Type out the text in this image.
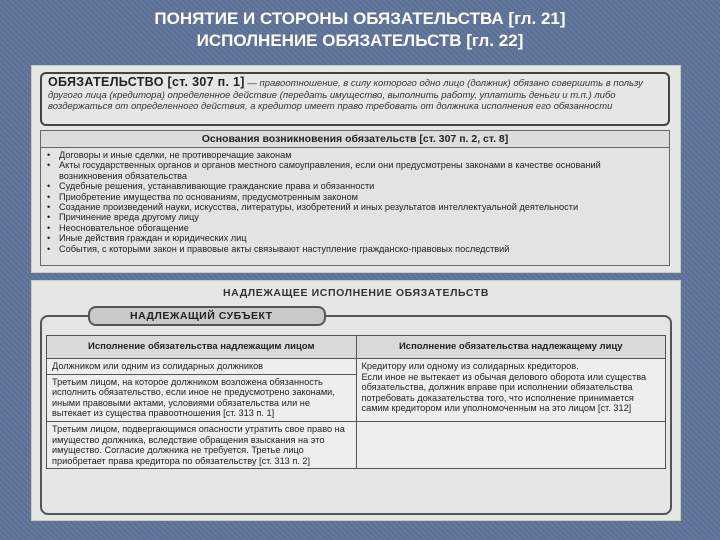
ПОНЯТИЕ И СТОРОНЫ ОБЯЗАТЕЛЬСТВА [гл. 21]
ИСПОЛНЕНИЕ ОБЯЗАТЕЛЬСТВ [гл. 22]
ОБЯЗАТЕЛЬСТВО [ст. 307 п. 1] — правоотношение, в силу которого одно лицо (должник) обязано совершить в пользу другого лица (кредитора) определенное действие (передать имущество, выполнить работу, уплатить деньги и т.п.) либо воздержаться от определенного действия, а кредитор имеет право требовать от должника исполнения его обязанности
Основания возникновения обязательств [ст. 307 п. 2, ст. 8]
• Договоры и иные сделки, не противоречащие законам
• Акты государственных органов и органов местного самоуправления, если они предусмотрены законами в качестве оснований возникновения обязательства
• Судебные решения, устанавливающие гражданские права и обязанности
• Приобретение имущества по основаниям, предусмотренным законом
• Создание произведений науки, искусства, литературы, изобретений и иных результатов интеллектуальной деятельности
• Причинение вреда другому лицу
• Неосновательное обогащение
• Иные действия граждан и юридических лиц
• События, с которыми закон и правовые акты связывают наступление гражданско-правовых последствий
НАДЛЕЖАЩЕЕ ИСПОЛНЕНИЕ ОБЯЗАТЕЛЬСТВ
НАДЛЕЖАЩИЙ СУБЪЕКТ
Исполнение обязательства надлежащим лицом	Исполнение обязательства надлежащему лицу
Должником или одним из солидарных должников	Кредитору или одному из солидарных кредиторов.
Если иное не вытекает из обычая делового оборота или существа обязательства, должник вправе при исполнении обязательства потребовать доказательства того, что исполнение принимается самим кредитором или уполномоченным на это лицом [ст. 312]

Третьим лицом, на которое должником возложена обязанность исполнить обязательство, если иное не предусмотрено законами, иными правовыми актами, условиями обязательства или не вытекает из существа правоотношения [ст. 313 п. 1]	
Третьим лицом, подвергающимся опасности утратить свое право на имущество должника, вследствие обращения взыскания на это имущество. Согласие должника не требуется. Третье лицо приобретает права кредитора по обязательству [ст. 313 п. 2]	
